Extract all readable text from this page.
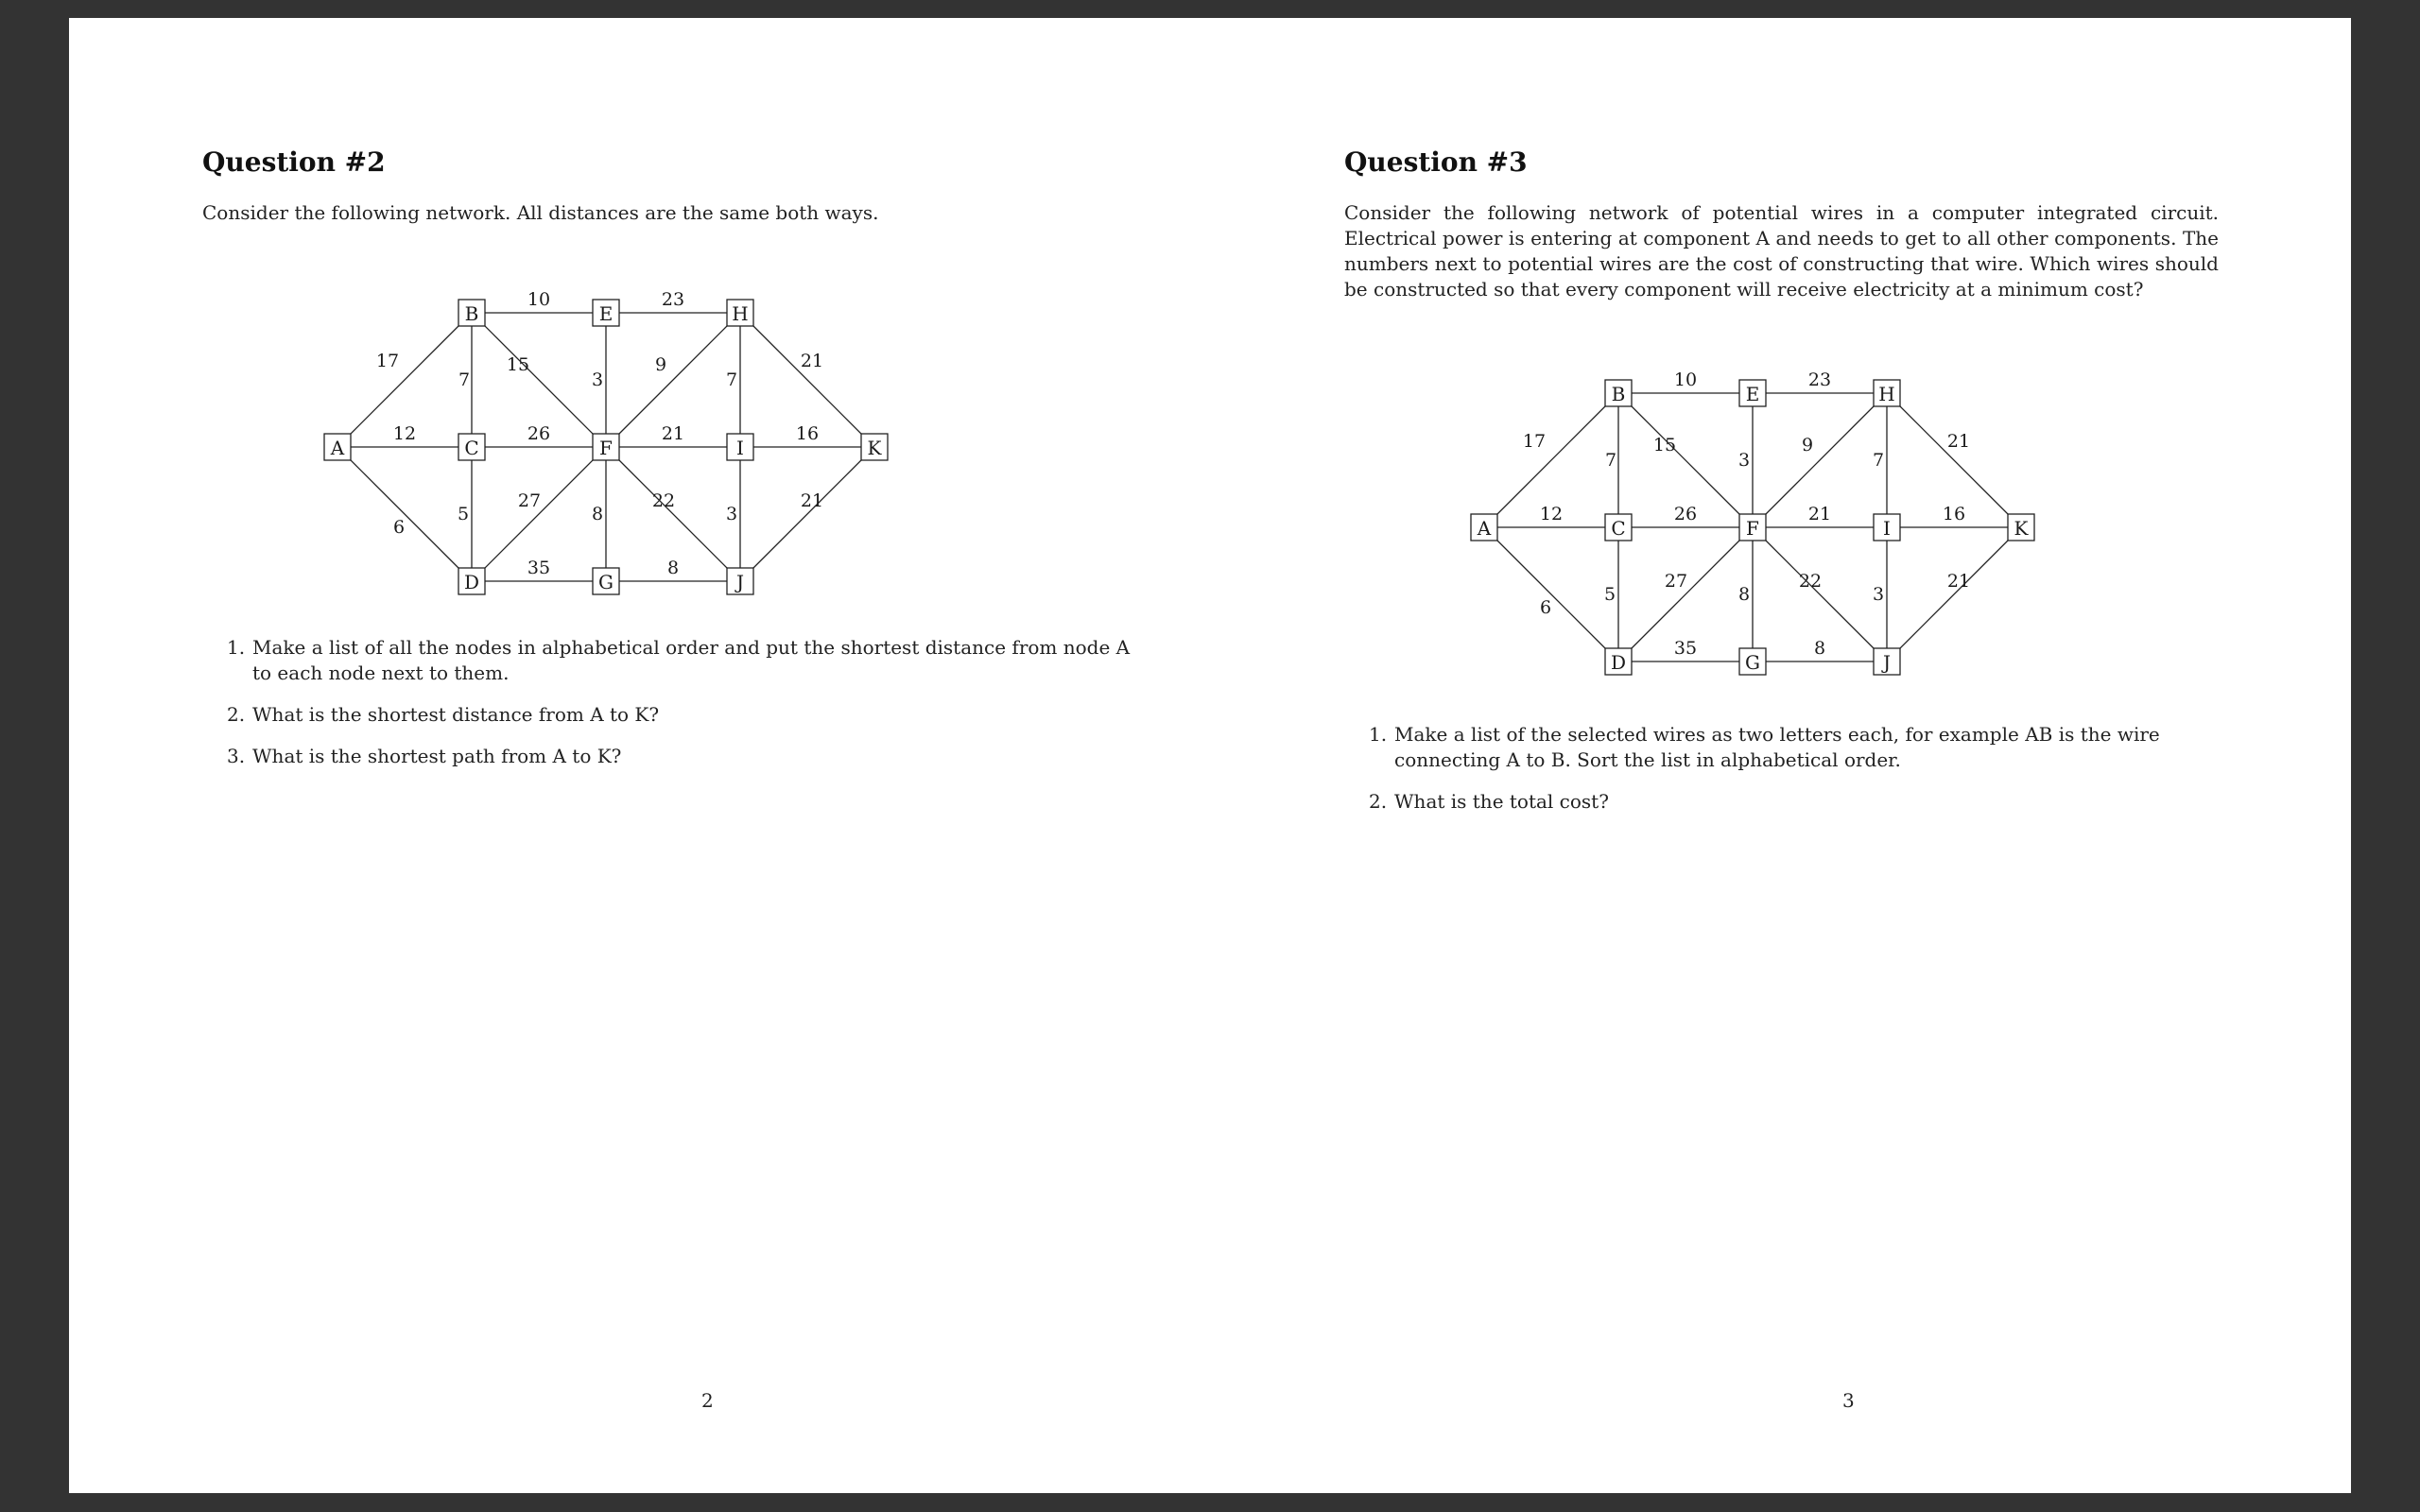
Question #2

Consider the following network. All distances are the same both ways.

17
12
6
10
7
15
23
3
9
7
21
26	21	16
5
27
8
22
3
21
35	8
A
B
C
D
E
F
G
H
I
J
K
1. Make a list of all the nodes in alphabetical order and put the shortest distance from node A to each node next to them.
2. What is the shortest distance from A to K?
3. What is the shortest path from A to K?
2
Question #3

Consider the following network of potential wires in a computer integrated circuit. Electrical power is entering at component A and needs to get to all other components. The numbers next to potential wires are the cost of constructing that wire. Which wires should be constructed so that every component will receive electricity at a minimum cost?

17
12
6
10
7
15
23
3
9
7
21
26	21	16
5
27
8
22
3
21
35	8
A
B
C
D
E
F
G
H
I
J
K
1. Make a list of the selected wires as two letters each, for example AB is the wire connecting A to B. Sort the list in alphabetical order.
2. What is the total cost?
3
